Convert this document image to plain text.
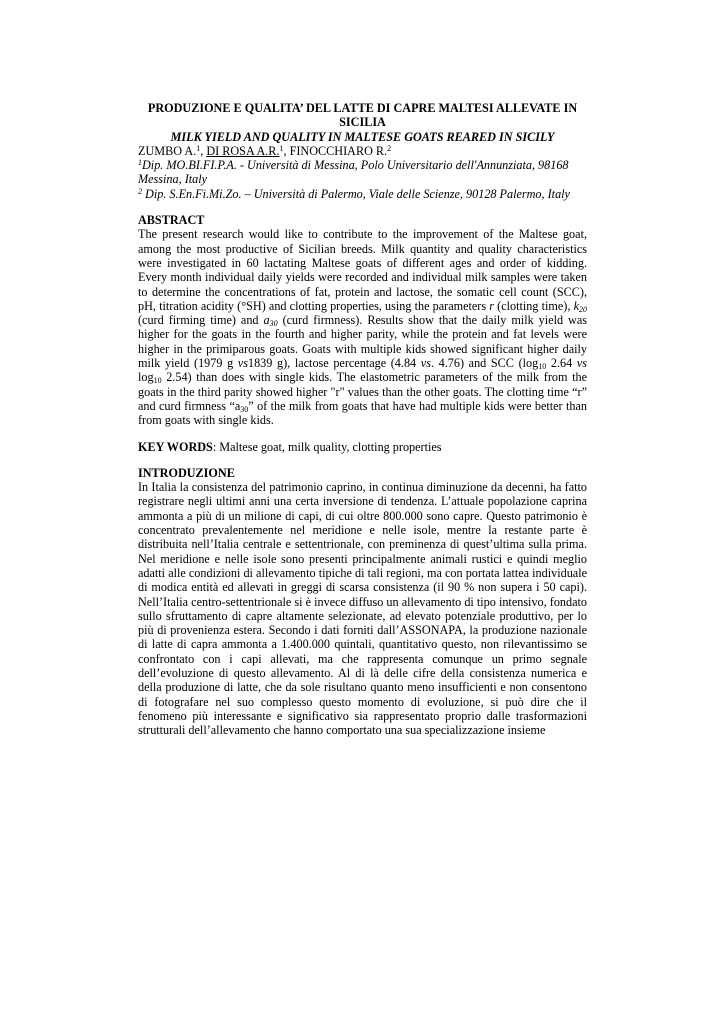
PRODUZIONE E QUALITA’ DEL LATTE DI CAPRE MALTESI ALLEVATE IN SICILIA
MILK YIELD AND QUALITY IN MALTESE GOATS REARED IN SICILY
ZUMBO A.$^1$, DI ROSA A.R.$^1$, FINOCCHIARO R.$^2$
$^1$Dip. MO.BI.FI.P.A. - Università di Messina, Polo Universitario dell'Annunziata, 98168 Messina, Italy
$^2$ Dip. S.En.Fi.Mi.Zo. – Università di Palermo, Viale delle Scienze, 90128 Palermo, Italy
ABSTRACT
The present research would like to contribute to the improvement of the Maltese goat, among the most productive of Sicilian breeds. Milk quantity and quality characteristics were investigated in 60 lactating Maltese goats of different ages and order of kidding. Every month individual daily yields were recorded and individual milk samples were taken to determine the concentrations of fat, protein and lactose, the somatic cell count (SCC), pH, titration acidity (°SH) and clotting properties, using the parameters r (clotting time), $k_{20}$ (curd firming time) and $a_{30}$ (curd firmness). Results show that the daily milk yield was higher for the goats in the fourth and higher parity, while the protein and fat levels were higher in the primiparous goats. Goats with multiple kids showed significant higher daily milk yield (1979 g vs1839 g), lactose percentage (4.84 vs. 4.76) and SCC ($\log_{10}$ 2.64 vs $\log_{10} 2.54$) than does with single kids. The elastometric parameters of the milk from the goats in the third parity showed higher "r" values than the other goats. The clotting time “r” and curd firmness “$a_{30}$” of the milk from goats that have had multiple kids were better than from goats with single kids.
KEY WORDS: Maltese goat, milk quality, clotting properties
INTRODUZIONE
In Italia la consistenza del patrimonio caprino, in continua diminuzione da decenni, ha fatto registrare negli ultimi anni una certa inversione di tendenza. L’attuale popolazione caprina ammonta a più di un milione di capi, di cui oltre 800.000 sono capre. Questo patrimonio è concentrato prevalentemente nel meridione e nelle isole, mentre la restante parte è distribuita nell’Italia centrale e settentrionale, con preminenza di quest’ultima sulla prima. Nel meridione e nelle isole sono presenti principalmente animali rustici e quindi meglio adatti alle condizioni di allevamento tipiche di tali regioni, ma con portata lattea individuale di modica entità ed allevati in greggi di scarsa consistenza (il 90 % non supera i 50 capi). Nell’Italia centro-settentrionale si è invece diffuso un allevamento di tipo intensivo, fondato sullo sfruttamento di capre altamente selezionate, ad elevato potenziale produttivo, per lo più di provenienza estera. Secondo i dati forniti dall’ASSONAPA, la produzione nazionale di latte di capra ammonta a 1.400.000 quintali, quantitativo questo, non rilevantissimo se confrontato con i capi allevati, ma che rappresenta comunque un primo segnale dell’evoluzione di questo allevamento. Al di là delle cifre della consistenza numerica e della produzione di latte, che da sole risultano quanto meno insufficienti e non consentono di fotografare nel suo complesso questo momento di evoluzione, si può dire che il fenomeno più interessante e significativo sia rappresentato proprio dalle trasformazioni strutturali dell’allevamento che hanno comportato una sua specializzazione insieme
